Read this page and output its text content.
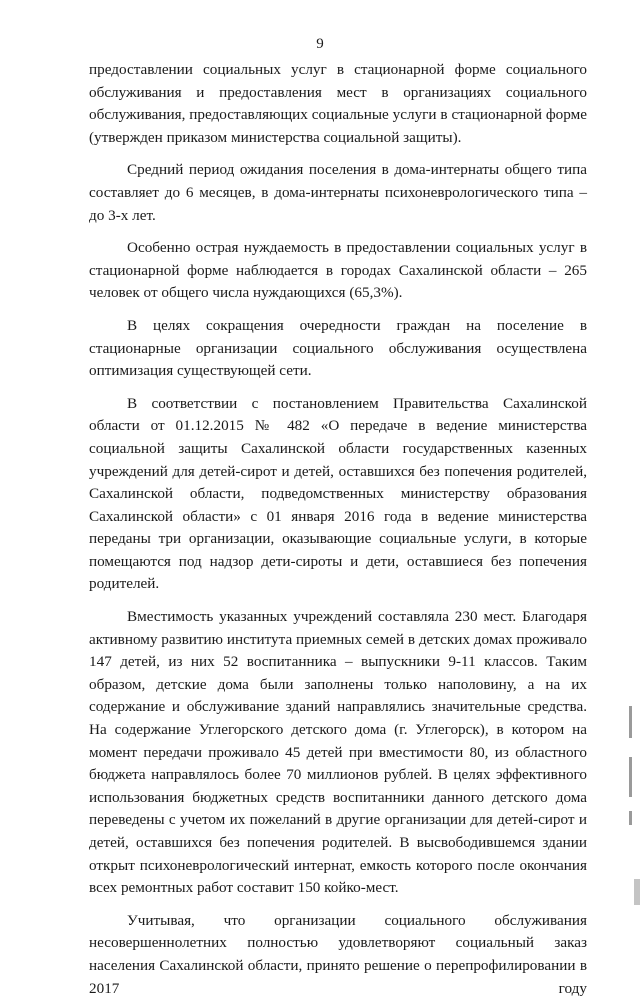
9

предоставлении социальных услуг в стационарной форме социального обслуживания и предоставления мест в организациях социального обслуживания, предоставляющих социальные услуги в стационарной форме (утвержден приказом министерства социальной защиты).

Средний период ожидания поселения в дома-интернаты общего типа составляет до 6 месяцев, в дома-интернаты психоневрологического типа – до 3-х лет.

Особенно острая нуждаемость в предоставлении социальных услуг в стационарной форме наблюдается в городах Сахалинской области – 265 человек от общего числа нуждающихся (65,3%).

В целях сокращения очередности граждан на поселение в стационарные организации социального обслуживания осуществлена оптимизация существующей сети.

В соответствии с постановлением Правительства Сахалинской области от 01.12.2015 № 482 «О передаче в ведение министерства социальной защиты Сахалинской области государственных казенных учреждений для детей-сирот и детей, оставшихся без попечения родителей, Сахалинской области, подведомственных министерству образования Сахалинской области» с 01 января 2016 года в ведение министерства переданы три организации, оказывающие социальные услуги, в которые помещаются под надзор дети-сироты и дети, оставшиеся без попечения родителей.

Вместимость указанных учреждений составляла 230 мест. Благодаря активному развитию института приемных семей в детских домах проживало 147 детей, из них 52 воспитанника – выпускники 9-11 классов. Таким образом, детские дома были заполнены только наполовину, а на их содержание и обслуживание зданий направлялись значительные средства. На содержание Углегорского детского дома (г. Углегорск), в котором на момент передачи проживало 45 детей при вместимости 80, из областного бюджета направлялось более 70 миллионов рублей. В целях эффективного использования бюджетных средств воспитанники данного детского дома переведены с учетом их пожеланий в другие организации для детей-сирот и детей, оставшихся без попечения родителей. В высвободившемся здании открыт психоневрологический интернат, емкость которого после окончания всех ремонтных работ составит 150 койко-мест.

Учитывая, что организации социального обслуживания несовершеннолетних полностью удовлетворяют социальный заказ населения Сахалинской области, принято решение о перепрофилировании в 2017 году
